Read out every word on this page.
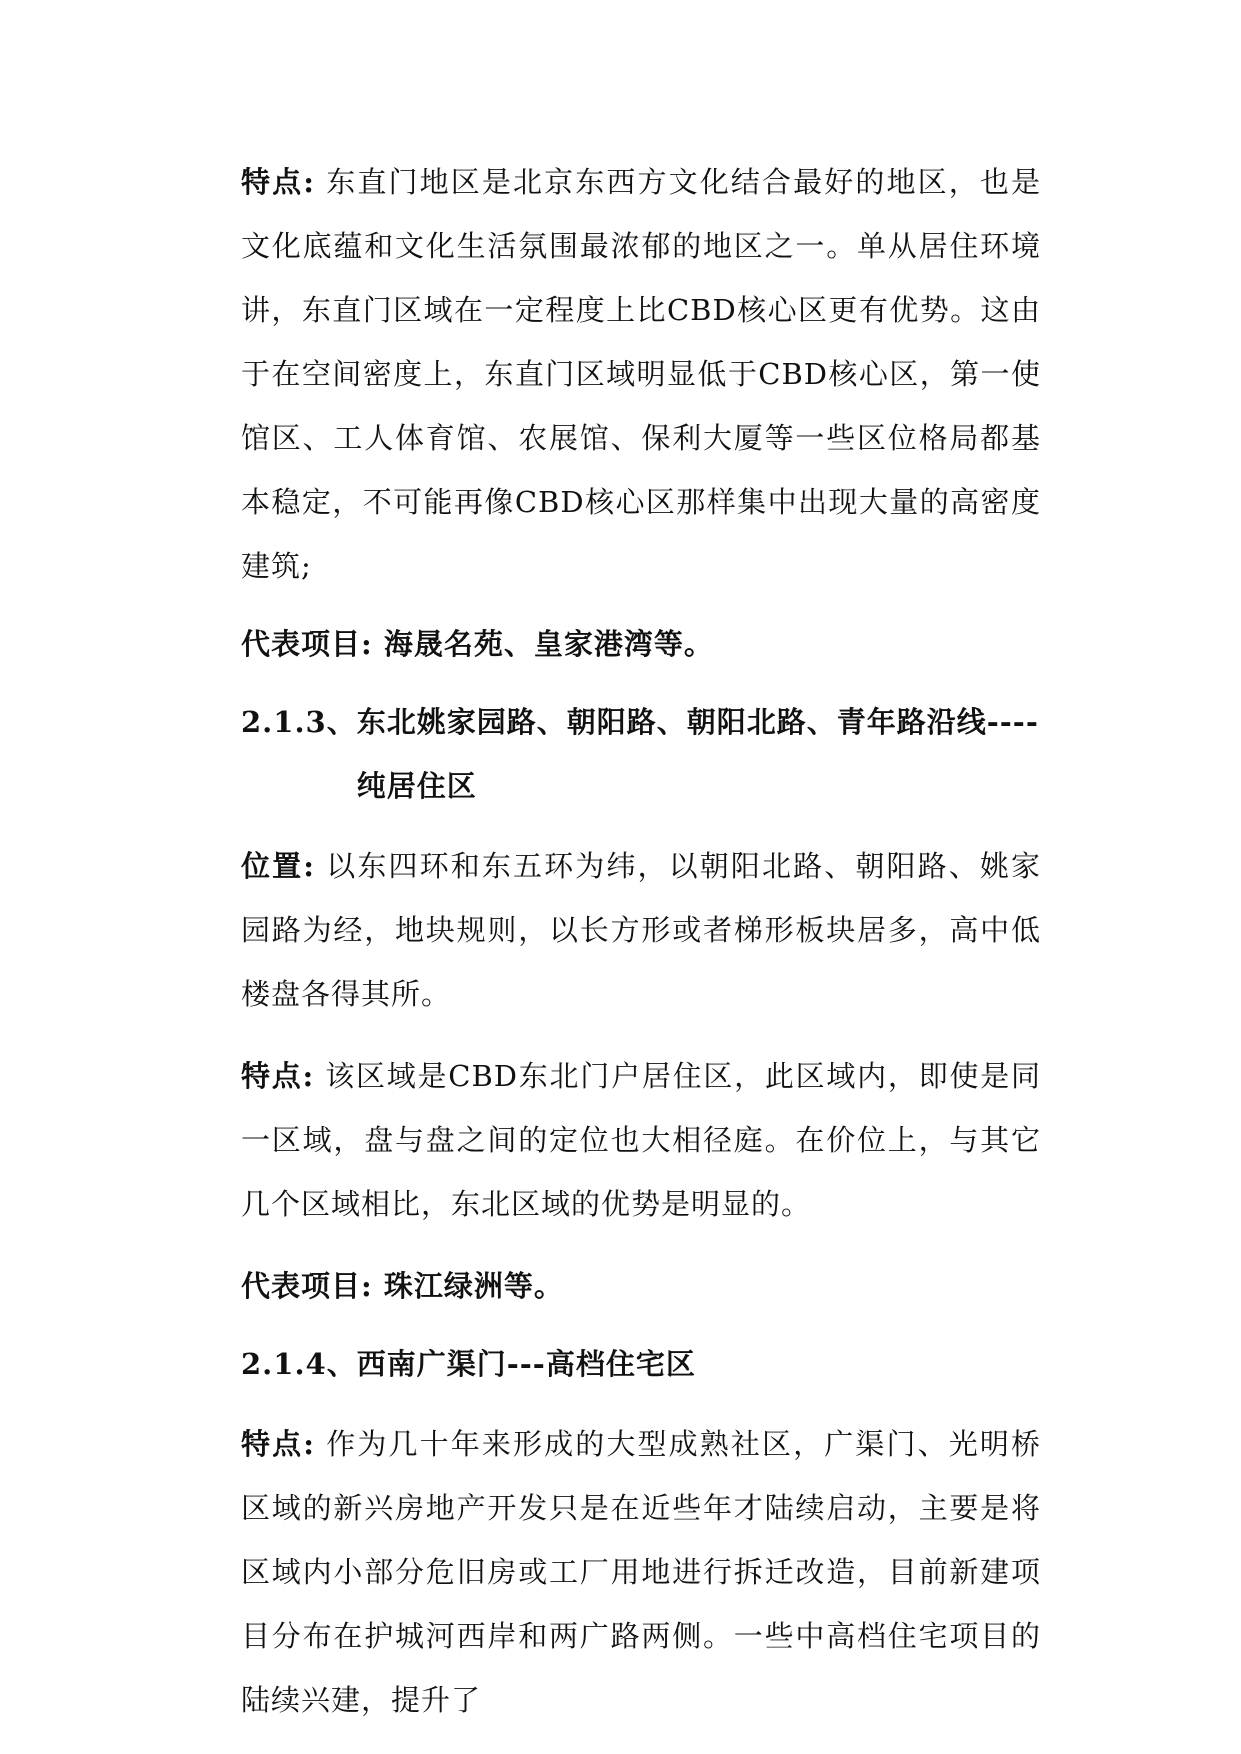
特点: 东直门地区是北京东西方文化结合最好的地区，也是文化底蕴和文化生活氛围最浓郁的地区之一。单从居住环境讲，东直门区域在一定程度上比CBD核心区更有优势。这由于在空间密度上，东直门区域明显低于CBD核心区，第一使馆区、工人体育馆、农展馆、保利大厦等一些区位格局都基本稳定，不可能再像CBD核心区那样集中出现大量的高密度建筑;

代表项目: 海晟名苑、皇家港湾等。

2.1.3、 东北姚家园路、朝阳路、朝阳北路、青年路沿线----纯居住区

位置: 以东四环和东五环为纬，以朝阳北路、朝阳路、姚家园路为经，地块规则，以长方形或者梯形板块居多，高中低楼盘各得其所。

特点: 该区域是CBD东北门户居住区，此区域内，即使是同一区域，盘与盘之间的定位也大相径庭。在价位上，与其它几个区域相比，东北区域的优势是明显的。

代表项目: 珠江绿洲等。

2.1.4、 西南广渠门---高档住宅区

特点: 作为几十年来形成的大型成熟社区，广渠门、光明桥区域的新兴房地产开发只是在近些年才陆续启动，主要是将区域内小部分危旧房或工厂用地进行拆迁改造，目前新建项目分布在护城河西岸和两广路两侧。一些中高档住宅项目的陆续兴建，提升了
